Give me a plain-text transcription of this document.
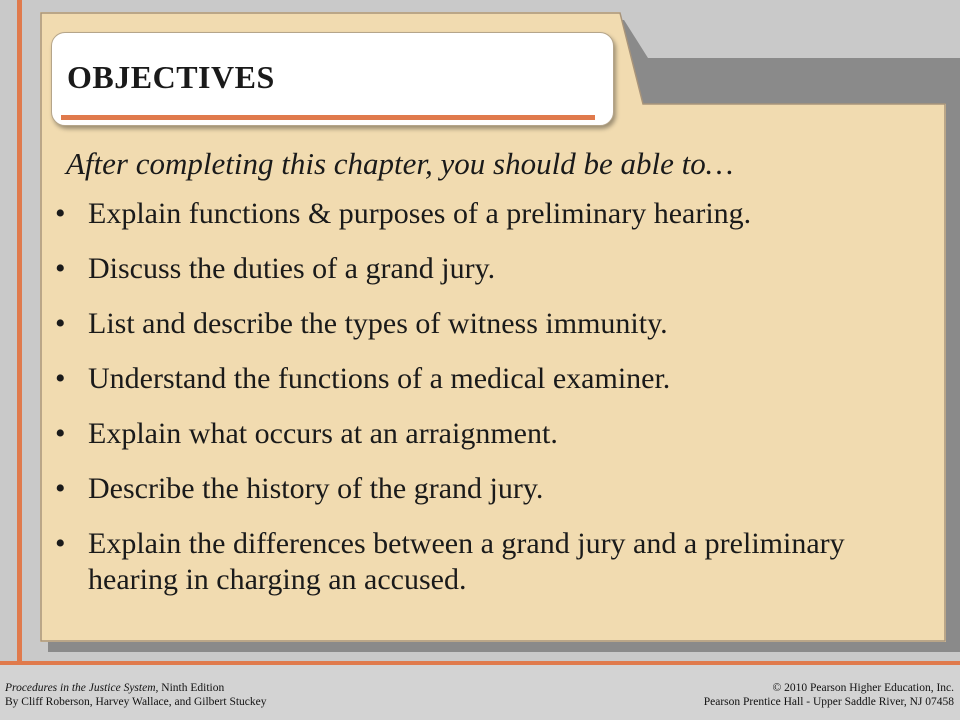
OBJECTIVES
After completing this chapter, you should be able to…
• Explain functions & purposes of a preliminary hearing.
• Discuss the duties of a grand jury.
• List and describe the types of witness immunity.
• Understand the functions of a medical examiner.
• Explain what occurs at an arraignment.
• Describe the history of the grand jury.
• Explain the differences between a grand jury and a preliminary hearing in charging an accused.
Procedures in the Justice System, Ninth Edition
By Cliff Roberson, Harvey Wallace, and Gilbert Stuckey
© 2010 Pearson Higher Education, Inc.
Pearson Prentice Hall - Upper Saddle River, NJ 07458
